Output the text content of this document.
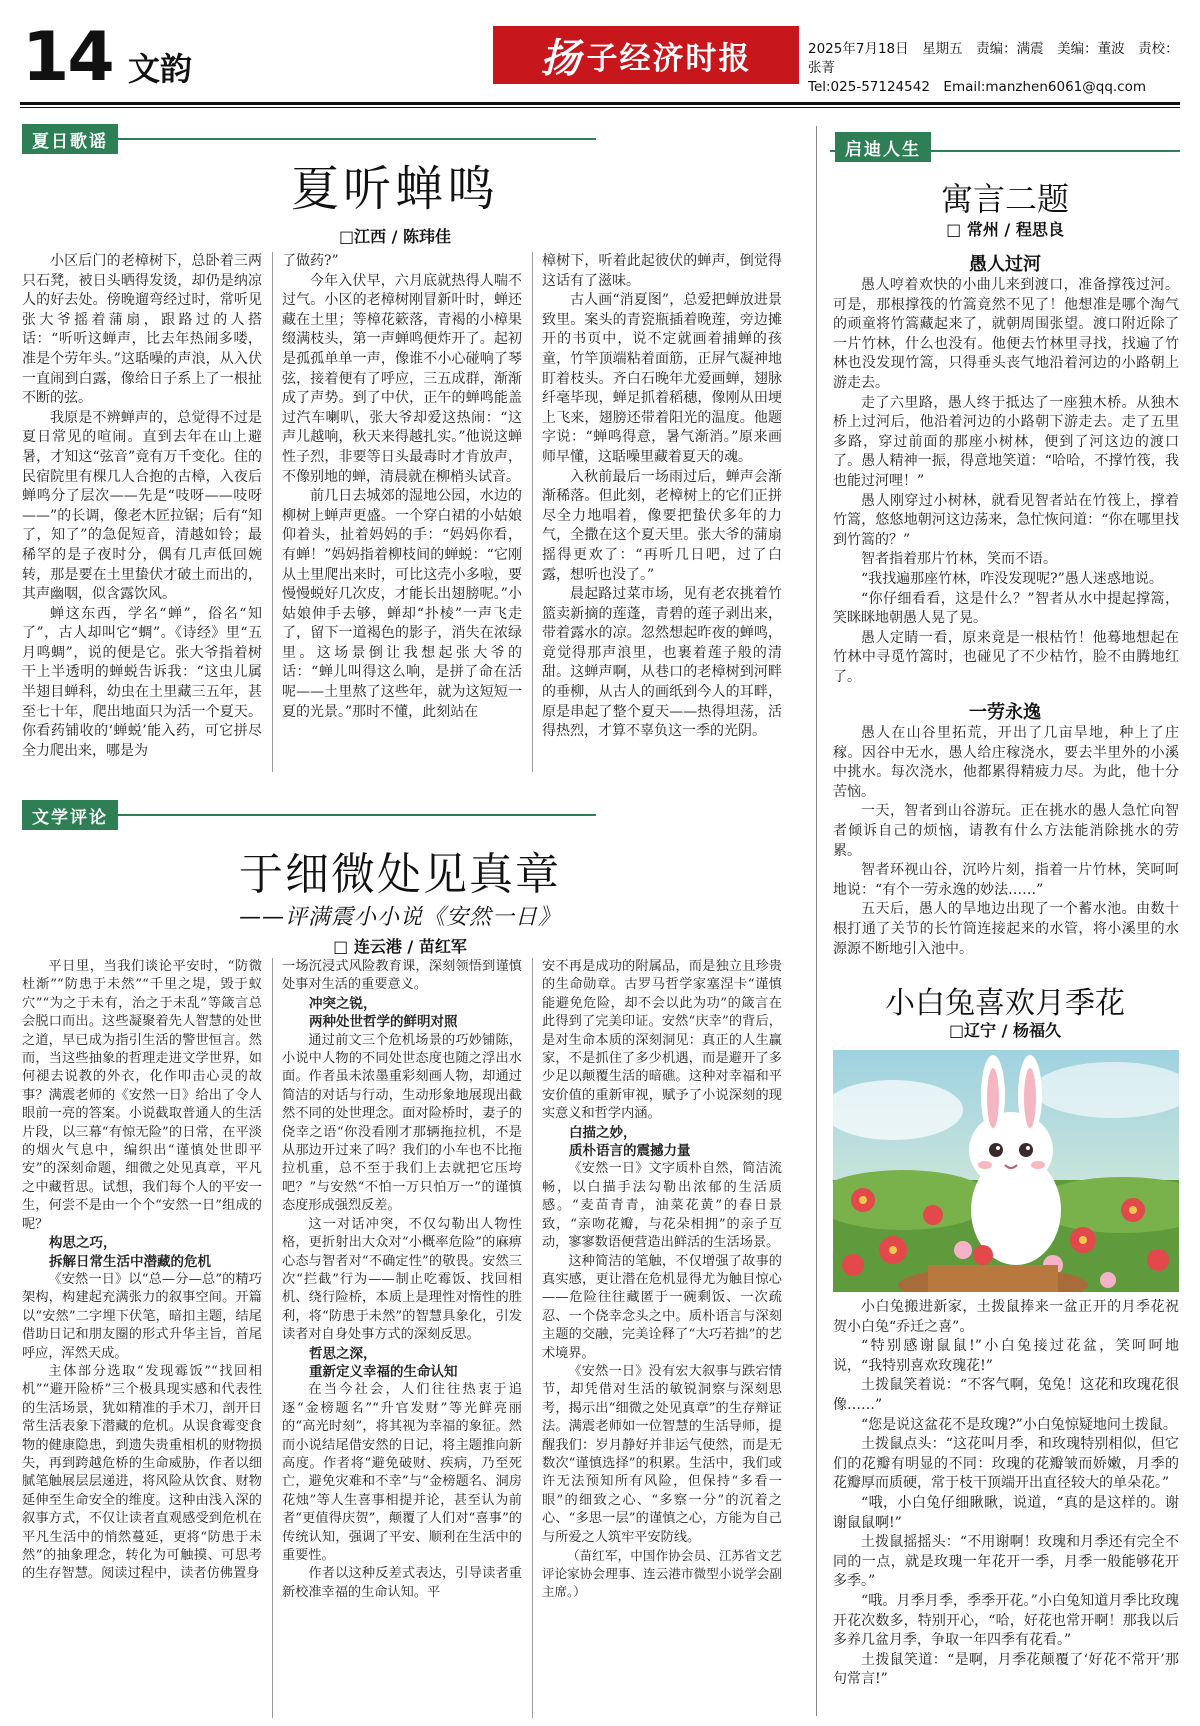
14 文韵	扬 子经济时报	2025年7月18日　星期五　责编：满震　美编：董波　责校：张菁
Tel:025-57124542　Email:manzhen6061@qq.com
夏日歌谣
夏听蝉鸣
□江西 / 陈玮佳

小区后门的老樟树下，总卧着三两只石凳，被日头晒得发烫，却仍是纳凉人的好去处。傍晚遛弯经过时，常听见张大爷摇着蒲扇，跟路过的人搭话：“听听这蝉声，比去年热闹多喽，准是个劳年头。”这聒噪的声浪，从入伏一直闹到白露，像给日子系上了一根扯不断的弦。

我原是不辨蝉声的，总觉得不过是夏日常见的喧闹。直到去年在山上避暑，才知这“弦音”竟有万千变化。住的民宿院里有棵几人合抱的古樟，入夜后蝉鸣分了层次——先是“吱呀——吱呀——”的长调，像老木匠拉锯；后有“知了，知了”的急促短音，清越如铃；最稀罕的是子夜时分，偶有几声低回婉转，那是要在土里蛰伏才破土而出的，其声幽咽，似含露饮风。

蝉这东西，学名“蝉”，俗名“知了”，古人却叫它“蜩”。《诗经》里“五月鸣蜩”，说的便是它。张大爷指着树干上半透明的蝉蜕告诉我：“这虫儿属半翅目蝉科，幼虫在土里藏三五年，甚至七十年，爬出地面只为活一个夏天。你看药铺收的‘蝉蜕’能入药，可它拼尽全力爬出来，哪是为

了做药?”

今年入伏早，六月底就热得人喘不过气。小区的老樟树刚冒新叶时，蝉还藏在土里；等樟花簌落，青褐的小樟果缀满枝头，第一声蝉鸣便炸开了。起初是孤孤单单一声，像谁不小心碰响了琴弦，接着便有了呼应，三五成群，渐渐成了声势。到了中伏，正午的蝉鸣能盖过汽车喇叭，张大爷却爱这热闹：“这声儿越响，秋天来得越扎实。”他说这蝉性子烈，非要等日头最毒时才肯放声，不像别地的蝉，清晨就在柳梢头试音。

前几日去城郊的湿地公园，水边的柳树上蝉声更盛。一个穿白裙的小姑娘仰着头，扯着妈妈的手：“妈妈你看，有蝉！”妈妈指着柳枝间的蝉蜕：“它刚从土里爬出来时，可比这壳小多啦，要慢慢蜕好几次皮，才能长出翅膀呢。”小姑娘伸手去够，蝉却“扑棱”一声飞走了，留下一道褐色的影子，消失在浓绿里。这场景倒让我想起张大爷的话：“蝉儿叫得这么响，是拼了命在活呢——土里熬了这些年，就为这短短一夏的光景。”那时不懂，此刻站在

樟树下，听着此起彼伏的蝉声，倒觉得这话有了滋味。

古人画“消夏图”，总爱把蝉放进景致里。案头的青瓷瓶插着晚莲，旁边摊开的书页中，说不定就画着捕蝉的孩童，竹竿顶端粘着面筋，正屏气凝神地盯着枝头。齐白石晚年尤爱画蝉，翅脉纤毫毕现，蝉足抓着稻穗，像刚从田埂上飞来，翅膀还带着阳光的温度。他题字说：“蝉鸣得意，暑气渐消。”原来画师早懂，这聒噪里藏着夏天的魂。

入秋前最后一场雨过后，蝉声会渐渐稀落。但此刻，老樟树上的它们正拼尽全力地唱着，像要把蛰伏多年的力气，全撒在这个夏天里。张大爷的蒲扇摇得更欢了：“再听几日吧，过了白露，想听也没了。”

晨起路过菜市场，见有老农挑着竹篮卖新摘的莲蓬，青碧的莲子剥出来，带着露水的凉。忽然想起昨夜的蝉鸣，竟觉得那声浪里，也裹着莲子般的清甜。这蝉声啊，从巷口的老樟树到河畔的垂柳，从古人的画纸到今人的耳畔，原是串起了整个夏天——热得坦荡，活得热烈，才算不辜负这一季的光阴。

启迪人生
寓言二题
□ 常州 / 程思良
愚人过河

愚人哼着欢快的小曲儿来到渡口，准备撑筏过河。可是，那根撑筏的竹篙竟然不见了！他想准是哪个淘气的顽童将竹篙藏起来了，就朝周围张望。渡口附近除了一片竹林，什么也没有。他便去竹林里寻找，找遍了竹林也没发现竹篙，只得垂头丧气地沿着河边的小路朝上游走去。

走了六里路，愚人终于抵达了一座独木桥。从独木桥上过河后，他沿着河边的小路朝下游走去。走了五里多路，穿过前面的那座小树林，便到了河这边的渡口了。愚人精神一振，得意地笑道：“哈哈，不撑竹筏，我也能过河哩！”

愚人刚穿过小树林，就看见智者站在竹筏上，撑着竹篙，悠悠地朝河这边荡来，急忙恢问道：“你在哪里找到竹篙的？”

智者指着那片竹林，笑而不语。

“我找遍那座竹林，咋没发现呢?”愚人迷惑地说。

“你仔细看看，这是什么？”智者从水中提起撑篙，笑眯眯地朝愚人晃了晃。

愚人定睛一看，原来竟是一根枯竹！他蓦地想起在竹林中寻觅竹篙时，也碰见了不少枯竹，脸不由腾地红了。

一劳永逸

愚人在山谷里拓荒，开出了几亩旱地，种上了庄稼。因谷中无水，愚人给庄稼浇水，要去半里外的小溪中挑水。每次浇水，他都累得精疲力尽。为此，他十分苦恼。

一天，智者到山谷游玩。正在挑水的愚人急忙向智者倾诉自己的烦恼，请教有什么方法能消除挑水的劳累。

智者环视山谷，沉吟片刻，指着一片竹林，笑呵呵地说：“有个一劳永逸的妙法……”

五天后，愚人的旱地边出现了一个蓄水池。由数十根打通了关节的长竹筒连接起来的水管，将小溪里的水源源不断地引入池中。

小白兔喜欢月季花
□辽宁 / 杨福久

小白兔搬进新家，土拨鼠捧来一盆正开的月季花祝贺小白兔“乔迁之喜”。

“特别感谢鼠鼠!”小白兔接过花盆，笑呵呵地说，“我特别喜欢玫瑰花!”

土拨鼠笑着说：“不客气啊，兔兔！这花和玫瑰花很像……”

“您是说这盆花不是玫瑰?”小白兔惊疑地问土拨鼠。

土拨鼠点头：“这花叫月季，和玫瑰特别相似，但它们的花瓣有明显的不同：玫瑰的花瓣皱而娇嫩，月季的花瓣厚而质硬，常于枝干顶端开出直径较大的单朵花。”

“哦，小白兔仔细瞅瞅，说道，“真的是这样的。谢谢鼠鼠啊!”

土拨鼠摇摇头：“不用谢啊！玫瑰和月季还有完全不同的一点，就是玫瑰一年花开一季，月季一般能够花开多季。”

“哦。月季月季，季季开花。”小白兔知道月季比玫瑰开花次数多，特别开心，“哈，好花也常开啊！那我以后多养几盆月季，争取一年四季有花看。”

土拨鼠笑道：“是啊，月季花颠覆了‘好花不常开’那句常言!”

文学评论
于细微处见真章
——评满震小小说《安然一日》
□ 连云港 / 苗红军

平日里，当我们谈论平安时，“防微杜渐”“防患于未然”“千里之堤，毁于蚁穴”“为之于未有，治之于未乱”等箴言总会脱口而出。这些凝聚着先人智慧的处世之道，早已成为指引生活的警世恒言。然而，当这些抽象的哲理走进文学世界，如何褪去说教的外衣，化作叩击心灵的故事？满震老师的《安然一日》给出了令人眼前一亮的答案。小说截取普通人的生活片段，以三幕“有惊无险”的日常，在平淡的烟火气息中，编织出“谨慎处世即平安”的深刻命题，细微之处见真章，平凡之中藏哲思。试想，我们每个人的平安一生，何尝不是由一个个“安然一日”组成的呢？

构思之巧，

拆解日常生活中潜藏的危机

《安然一日》以“总—分—总”的精巧架构，构建起充满张力的叙事空间。开篇以“安然”二字埋下伏笔，暗扣主题，结尾借助日记和朋友圈的形式升华主旨，首尾呼应，浑然天成。

主体部分选取“发现霉饭”“找回相机”“避开险桥”三个极具现实感和代表性的生活场景，犹如精准的手术刀，剖开日常生活表象下潜藏的危机。从误食霉变食物的健康隐患，到遗失贵重相机的财物损失，再到跨越危桥的生命威胁，作者以细腻笔触展层层递进，将风险从饮食、财物延伸至生命安全的维度。这种由浅入深的叙事方式，不仅让读者直观感受到危机在平凡生活中的悄然蔓延，更将“防患于未然”的抽象理念，转化为可触摸、可思考的生存智慧。阅读过程中，读者仿佛置身

一场沉浸式风险教育课，深刻领悟到谨慎处事对生活的重要意义。

冲突之锐，

两种处世哲学的鲜明对照

通过前文三个危机场景的巧妙铺陈，小说中人物的不同处世态度也随之浮出水面。作者虽未浓墨重彩刻画人物，却通过简洁的对话与行动，生动形象地展现出截然不同的处世理念。面对险桥时，妻子的侥幸之语“你没看刚才那辆拖拉机，不是从那边开过来了吗？我们的小车也不比拖拉机重，总不至于我们上去就把它压垮吧？”与安然“不怕一万只怕万一”的谨慎态度形成强烈反差。

这一对话冲突，不仅勾勒出人物性格，更折射出大众对“小概率危险”的麻痹心态与智者对“不确定性”的敬畏。安然三次“拦截”行为——制止吃霉饭、找回相机、绕行险桥，本质上是理性对惰性的胜利，将“防患于未然”的智慧具象化，引发读者对自身处事方式的深刻反思。

哲思之深，

重新定义幸福的生命认知

在当今社会，人们往往热衷于追逐“金榜题名”“升官发财”等光鲜亮丽的“高光时刻”，将其视为幸福的象征。然而小说结尾借安然的日记，将主题推向新高度。作者将“避免破财、疾病，乃至死亡，避免灾难和不幸”与“金榜题名、洞房花烛”等人生喜事相提并论，甚至认为前者“更值得庆贺”，颠覆了人们对“喜事”的传统认知，强调了平安、顺利在生活中的重要性。

作者以这种反差式表达，引导读者重新校准幸福的生命认知。平

安不再是成功的附属品，而是独立且珍贵的生命勋章。古罗马哲学家塞涅卡“谨慎能避免危险，却不会以此为功”的箴言在此得到了完美印证。安然“庆幸”的背后，是对生命本质的深刻洞见：真正的人生赢家，不是抓住了多少机遇，而是避开了多少足以颠覆生活的暗礁。这种对幸福和平安价值的重新审视，赋予了小说深刻的现实意义和哲学内涵。

白描之妙，

质朴语言的震撼力量

《安然一日》文字质朴自然，简洁流畅，以白描手法勾勒出浓郁的生活质感。“麦苗青青，油菜花黄”的春日景致，“亲吻花瓣，与花朵相拥”的亲子互动，寥寥数语便营造出鲜活的生活场景。

这种简洁的笔触，不仅增强了故事的真实感，更让潜在危机显得尤为触目惊心——危险往往藏匿于一碗剩饭、一次疏忍、一个侥幸念头之中。质朴语言与深刻主题的交融，完美诠释了“大巧若拙”的艺术境界。

《安然一日》没有宏大叙事与跌宕情节，却凭借对生活的敏锐洞察与深刻思考，揭示出“细微之处见真章”的生存辩证法。满震老师如一位智慧的生活导师，提醒我们：岁月静好并非运气使然，而是无数次“谨慎选择”的积累。生活中，我们或许无法预知所有风险，但保持“多看一眼”的细致之心、“多察一分”的沉着之心、“多思一层”的谨慎之心，方能为自己与所爱之人筑牢平安防线。

（苗红军，中国作协会员、江苏省文艺评论家协会理事、连云港市微型小说学会副主席。）
